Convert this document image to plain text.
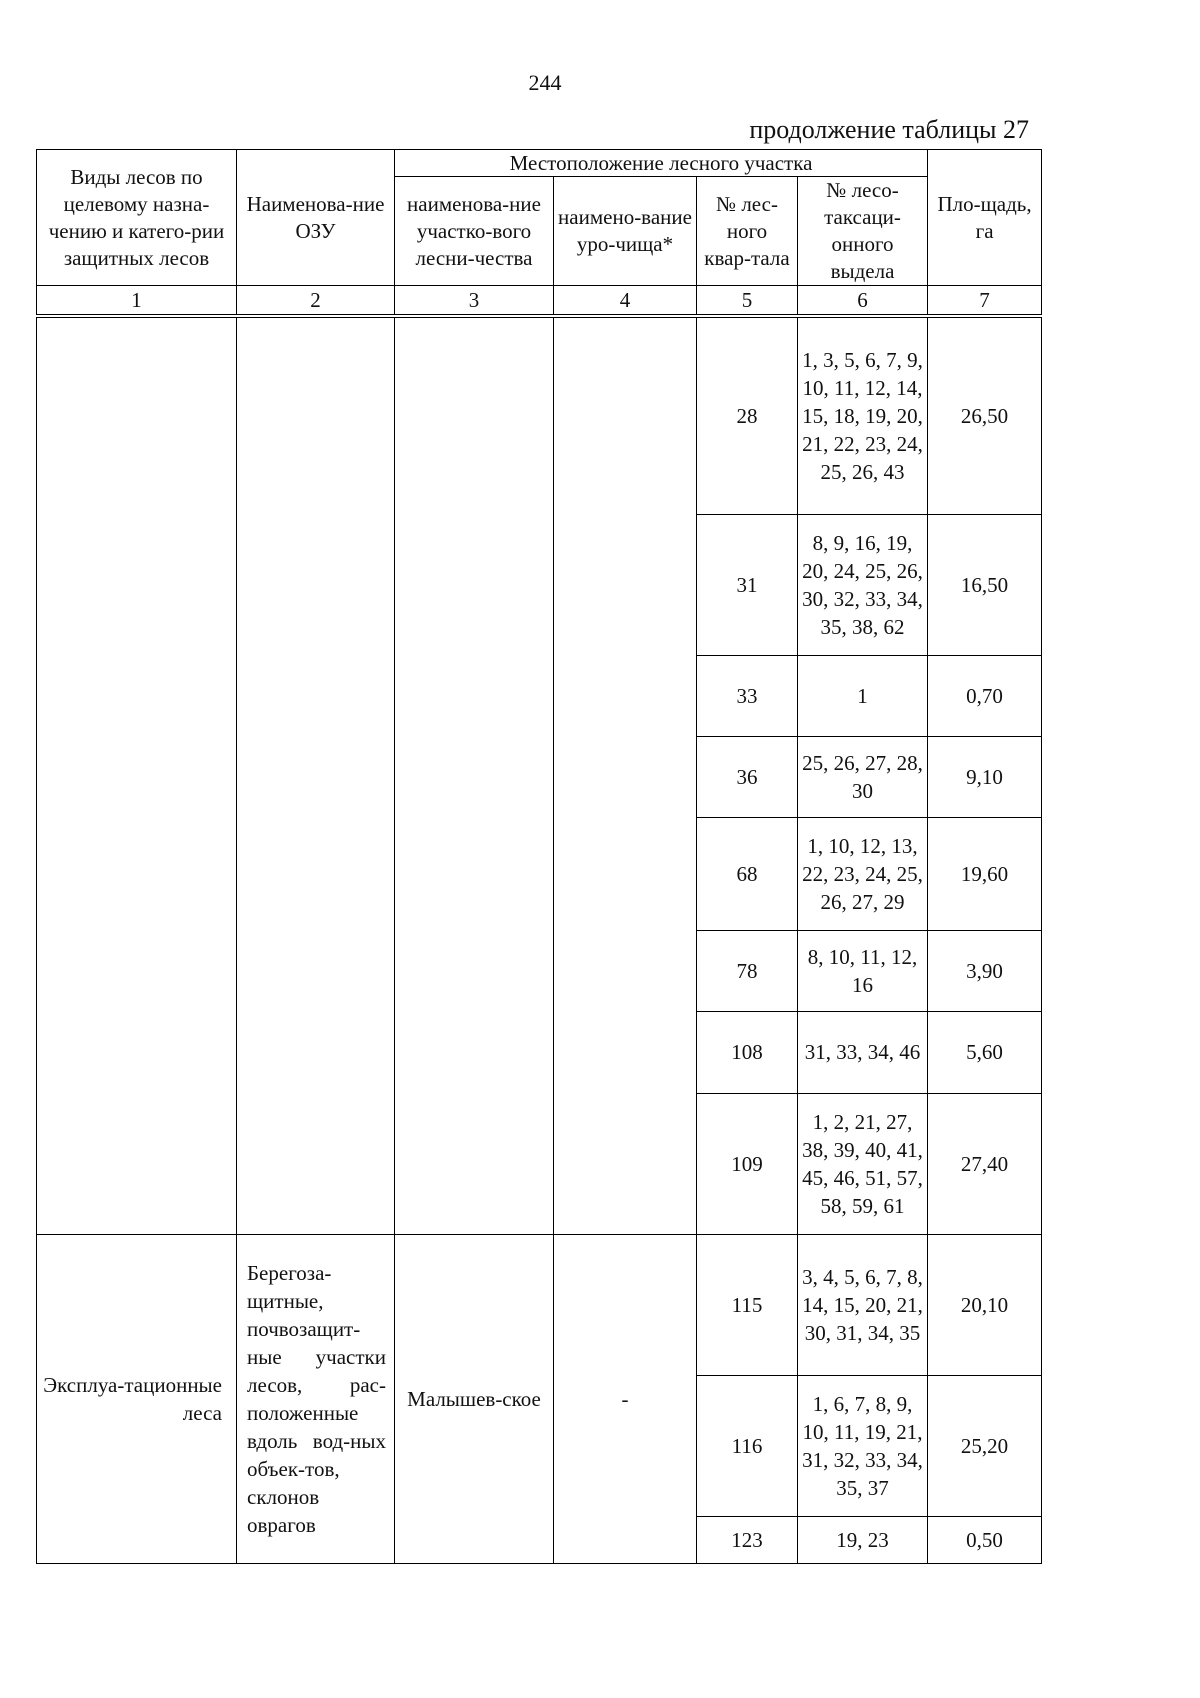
244
продолжение таблицы 27
Виды лесов по целевому назна-чению и катего-рии защитных лесов	Наименова-ние ОЗУ	Местоположение лесного участка				Пло-щадь, га
		наименова-ние участко-вого лесни-чества	наимено-вание уро-чища*	№ лес-ного квар-тала	№ лесо-таксаци-онного выдела	
1	2	3	4	5	6	7
				28	1, 3, 5, 6, 7, 9, 10, 11, 12, 14, 15, 18, 19, 20, 21, 22, 23, 24, 25, 26, 43	26,50
				31	8, 9, 16, 19, 20, 24, 25, 26, 30, 32, 33, 34, 35, 38, 62	16,50
				33	1	0,70
				36	25, 26, 27, 28, 30	9,10
				68	1, 10, 12, 13, 22, 23, 24, 25, 26, 27, 29	19,60
				78	8, 10, 11, 12, 16	3,90
				108	31, 33, 34, 46	5,60
				109	1, 2, 21, 27, 38, 39, 40, 41, 45, 46, 51, 57, 58, 59, 61	27,40
Эксплуа-тационные леса	Берегоза-щитные, почвозащит-ные участки лесов, рас-положенные вдоль вод-ных объек-тов, склонов оврагов	Малышев-ское	-	115	3, 4, 5, 6, 7, 8, 14, 15, 20, 21, 30, 31, 34, 35	20,10
				116	1, 6, 7, 8, 9, 10, 11, 19, 21, 31, 32, 33, 34, 35, 37	25,20
				123	19, 23	0,50
